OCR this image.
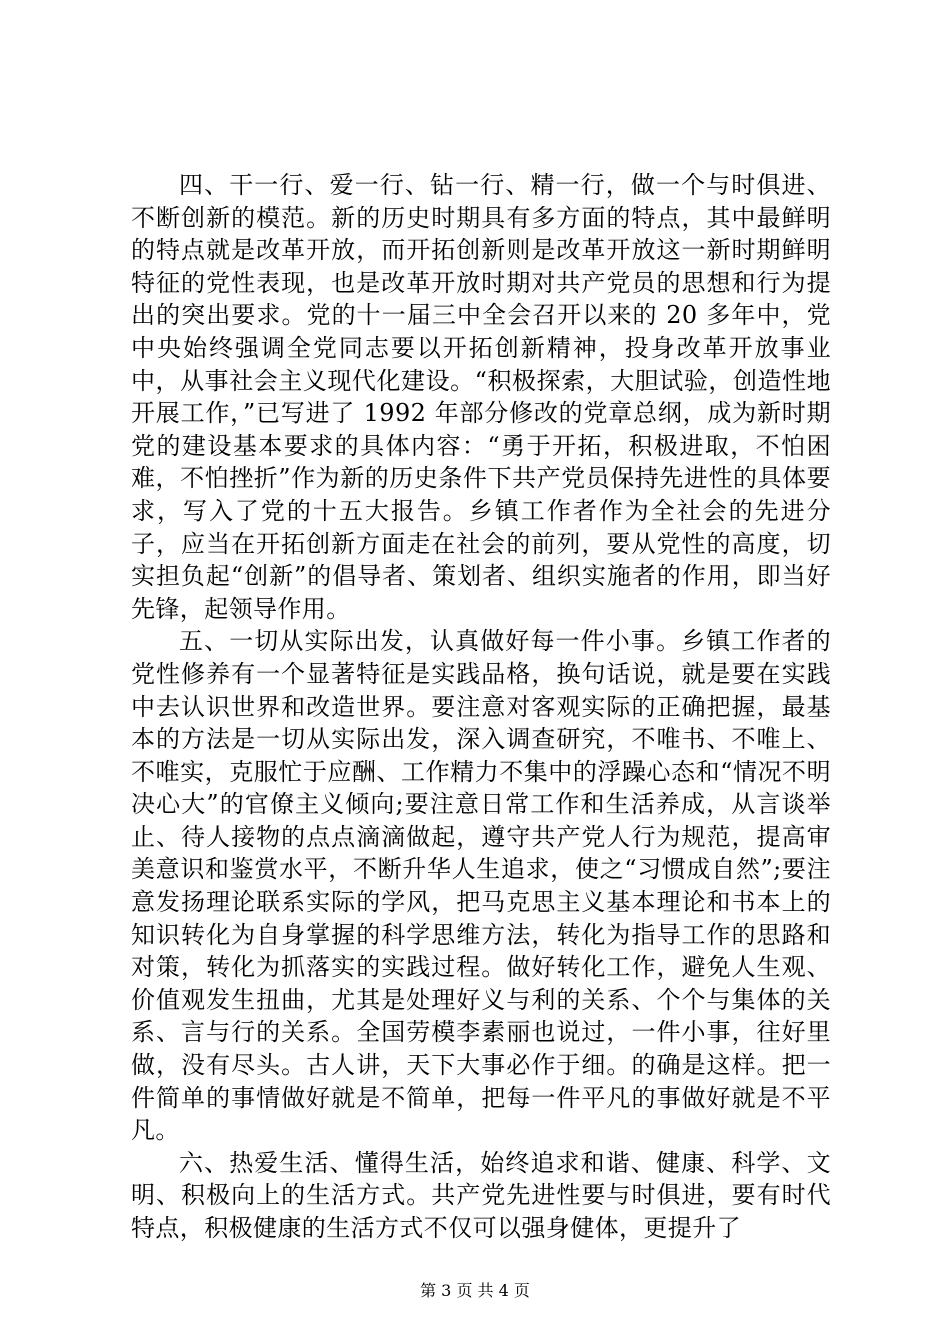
四、干一行、爱一行、钻一行、精一行，做一个与时俱进、不断创新的模范。新的历史时期具有多方面的特点，其中最鲜明的特点就是改革开放，而开拓创新则是改革开放这一新时期鲜明特征的党性表现，也是改革开放时期对共产党员的思想和行为提出的突出要求。党的十一届三中全会召开以来的 20 多年中，党中央始终强调全党同志要以开拓创新精神，投身改革开放事业中，从事社会主义现代化建设。“积极探索，大胆试验，创造性地开展工作，”已写进了 1992 年部分修改的党章总纲，成为新时期党的建设基本要求的具体内容：“勇于开拓，积极进取，不怕困难，不怕挫折”作为新的历史条件下共产党员保持先进性的具体要求，写入了党的十五大报告。乡镇工作者作为全社会的先进分子，应当在开拓创新方面走在社会的前列，要从党性的高度，切实担负起“创新”的倡导者、策划者、组织实施者的作用，即当好先锋，起领导作用。

五、一切从实际出发，认真做好每一件小事。乡镇工作者的党性修养有一个显著特征是实践品格，换句话说，就是要在实践中去认识世界和改造世界。要注意对客观实际的正确把握，最基本的方法是一切从实际出发，深入调查研究，不唯书、不唯上、不唯实，克服忙于应酬、工作精力不集中的浮躁心态和“情况不明决心大”的官僚主义倾向;要注意日常工作和生活养成，从言谈举止、待人接物的点点滴滴做起，遵守共产党人行为规范，提高审美意识和鉴赏水平，不断升华人生追求，使之“习惯成自然”;要注意发扬理论联系实际的学风，把马克思主义基本理论和书本上的知识转化为自身掌握的科学思维方法，转化为指导工作的思路和对策，转化为抓落实的实践过程。做好转化工作，避免人生观、价值观发生扭曲，尤其是处理好义与利的关系、个个与集体的关系、言与行的关系。全国劳模李素丽也说过，一件小事，往好里做，没有尽头。古人讲，天下大事必作于细。的确是这样。把一件简单的事情做好就是不简单，把每一件平凡的事做好就是不平凡。

六、热爱生活、懂得生活，始终追求和谐、健康、科学、文明、积极向上的生活方式。共产党先进性要与时俱进，要有时代特点，积极健康的生活方式不仅可以强身健体，更提升了

第 3 页 共 4 页
